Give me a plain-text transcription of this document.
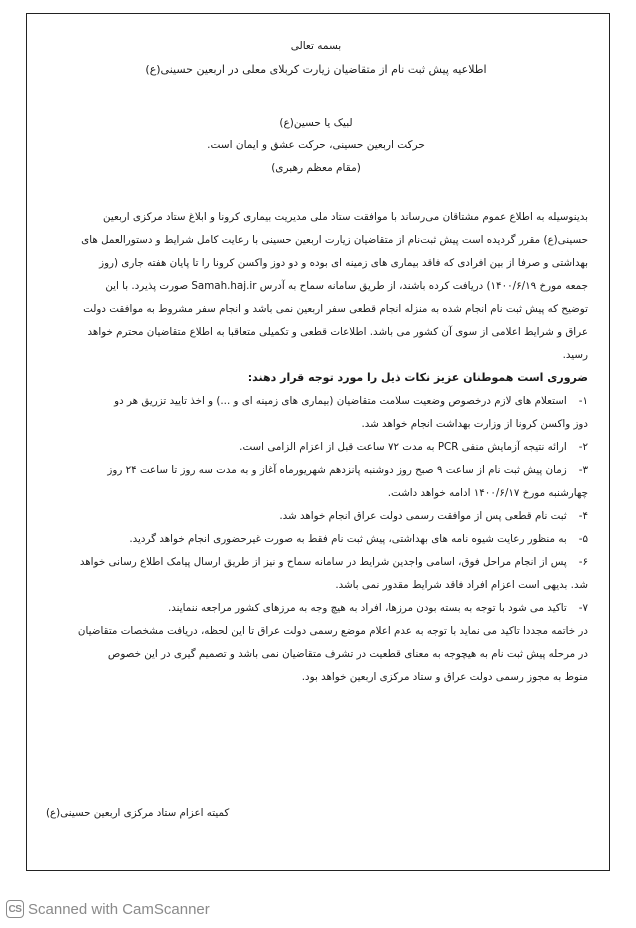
بسمه تعالی
اطلاعیه پیش ثبت نام از متقاضیان زیارت کربلای معلی در اربعین حسینی(ع)
لبیک یا حسین(ع)
حرکت اربعین حسینی، حرکت عشق و ایمان است.
(مقام معظم رهبری)
بدینوسیله به اطلاع عموم مشتاقان می‌رساند با موافقت ستاد ملی مدیریت بیماری کرونا و ابلاغ ستاد مرکزی اربعین
حسینی(ع) مقرر گردیده است پیش ثبت‌نام از متقاضیان زیارت اربعین حسینی با رعایت کامل شرایط و دستورالعمل های
بهداشتی و صرفا از بین افرادی که فاقد بیماری های زمینه ای بوده و دو دوز واکسن کرونا را تا پایان هفته جاری (روز
جمعه مورخ ۱۴۰۰/۶/۱۹) دریافت کرده باشند، از طریق سامانه سماح به آدرس Samah.haj.ir صورت پذیرد. با این
توضیح که پیش ثبت نام انجام شده به منزله انجام قطعی سفر اربعین نمی باشد و انجام سفر مشروط به موافقت دولت
عراق و شرایط اعلامی از سوی آن کشور می باشد. اطلاعات قطعی و تکمیلی متعاقبا به اطلاع متقاضیان محترم خواهد
رسید.
ضروری است هموطنان عزیز نکات ذیل را مورد توجه قرار دهند:
۱- استعلام های لازم درخصوص وضعیت سلامت متقاضیان (بیماری های زمینه ای و ...) و اخذ تایید تزریق هر دو
دوز واکسن کرونا از وزارت بهداشت انجام خواهد شد.
۲- ارائه نتیجه آزمایش منفی PCR به مدت ۷۲ ساعت قبل از اعزام الزامی است.
۳- زمان پیش ثبت نام از ساعت ۹ صبح روز دوشنبه پانزدهم شهریورماه آغاز و به مدت سه روز تا ساعت ۲۴ روز
چهارشنبه مورخ ۱۴۰۰/۶/۱۷ ادامه خواهد داشت.
۴- ثبت نام قطعی پس از موافقت رسمی دولت عراق انجام خواهد شد.
۵- به منظور رعایت شیوه نامه های بهداشتی، پیش ثبت نام فقط به صورت غیرحضوری انجام خواهد گردید.
۶- پس از انجام مراحل فوق، اسامی واجدین شرایط در سامانه سماح و نیز از طریق ارسال پیامک اطلاع رسانی خواهد
شد. بدیهی است اعزام افراد فاقد شرایط مقدور نمی باشد.
۷- تاکید می شود با توجه به بسته بودن مرزها، افراد به هیچ وجه به مرزهای کشور مراجعه ننمایند.
در خاتمه مجددا تاکید می نماید با توجه به عدم اعلام موضع رسمی دولت عراق تا این لحظه، دریافت مشخصات متقاضیان
در مرحله پیش ثبت نام به هیچوجه به معنای قطعیت در تشرف متقاضیان نمی باشد و تصمیم گیری در این خصوص
منوط به مجوز رسمی دولت عراق و ستاد مرکزی اربعین خواهد بود.
کمیته اعزام ستاد مرکزی اربعین حسینی(ع)
CS Scanned with CamScanner
